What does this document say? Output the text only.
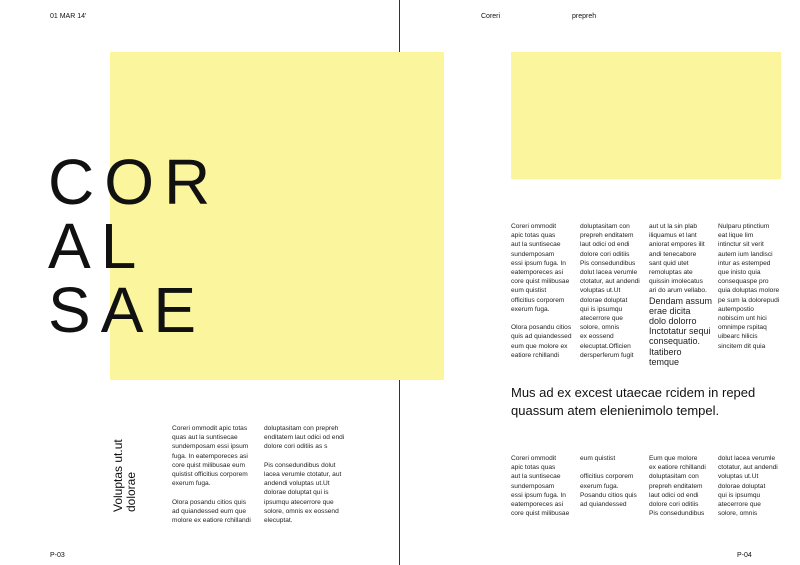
01 MAR 14'
COR
AL
SAE
Voluptas ut.ut
dolorae
Coreri ommodit apic totas
quas aut la suntisecae
sundemposam essi ipsum
fuga. In eatemporeces asi
core quist milibusae eum
quistist officitius corporem
exerum fuga.

Olora posandu citios quis
ad quiandessed eum que
molore ex eatiore rchillandi
doluptasitam con prepreh
enditatem laut odici od endi
dolore cori oditiis as s

Pis consedundibus dolut
lacea verumle ctotatur, aut
andendi voluptas ut.Ut
dolorae doluptat qui is
ipsumqu atecerrore que
solore, omnis ex eossend
elecuptat.
P-03
Coreri	prepreh
Coreri ommodit
apic totas quas
aut la suntisecae
sundemposam
essi ipsum fuga. In
eatemporeces asi
core quist milibusae
eum quistist
officitius corporem
exerum fuga.

Olora posandu citios
quis ad quiandessed
eum que molore ex
eatiore rchillandi
doluptasitam con
prepreh enditatem
laut odici od endi
dolore cori oditiis
Pis consedundibus
dolut lacea verumle
ctotatur, aut andendi
voluptas ut.Ut
dolorae doluptat
qui is ipsumqu
atecerrore que
solore, omnis
ex eossend
elecuptat.Officien
dersperferum fugit
aut ut la sin plab
iliquamus et lant
aniorat empores ilit
andi tenecabore
sant quid utet
remoluptas ate
quissin imolecatus
ari do arum vellabo.
Dendam assum
erae dicita
dolo dolorro
Inctotatur sequi
consequatio.
Itatibero
temque
Nulparu ptinctium
eat lique lim
intinctur sit verit
autem ium landisci
intur as estemped
que inisto quia
consequaspe pro
quia doluptas molore
pe sum la dolorepudi
autempostio
nobiscim unt hici
omnimpe rspitaq
uibearc hilicis
sincitem dit quia
Mus ad ex excest utaecae rcidem in reped
quassum atem elenienimolo tempel.
Coreri ommodit
apic totas quas
aut la suntisecae
sundemposam
essi ipsum fuga. In
eatemporeces asi
core quist milibusae
eum quistist

officitius corporem
exerum fuga.
Posandu citios quis
ad quiandessed
Eum que molore
ex eatiore rchillandi
doluptasitam con
prepreh enditatem
laut odici od endi
dolore cori oditiis
Pis consedundibus
dolut lacea verumle
ctotatur, aut andendi
voluptas ut.Ut
dolorae doluptat
qui is ipsumqu
atecerrore que
solore, omnis
P-04
